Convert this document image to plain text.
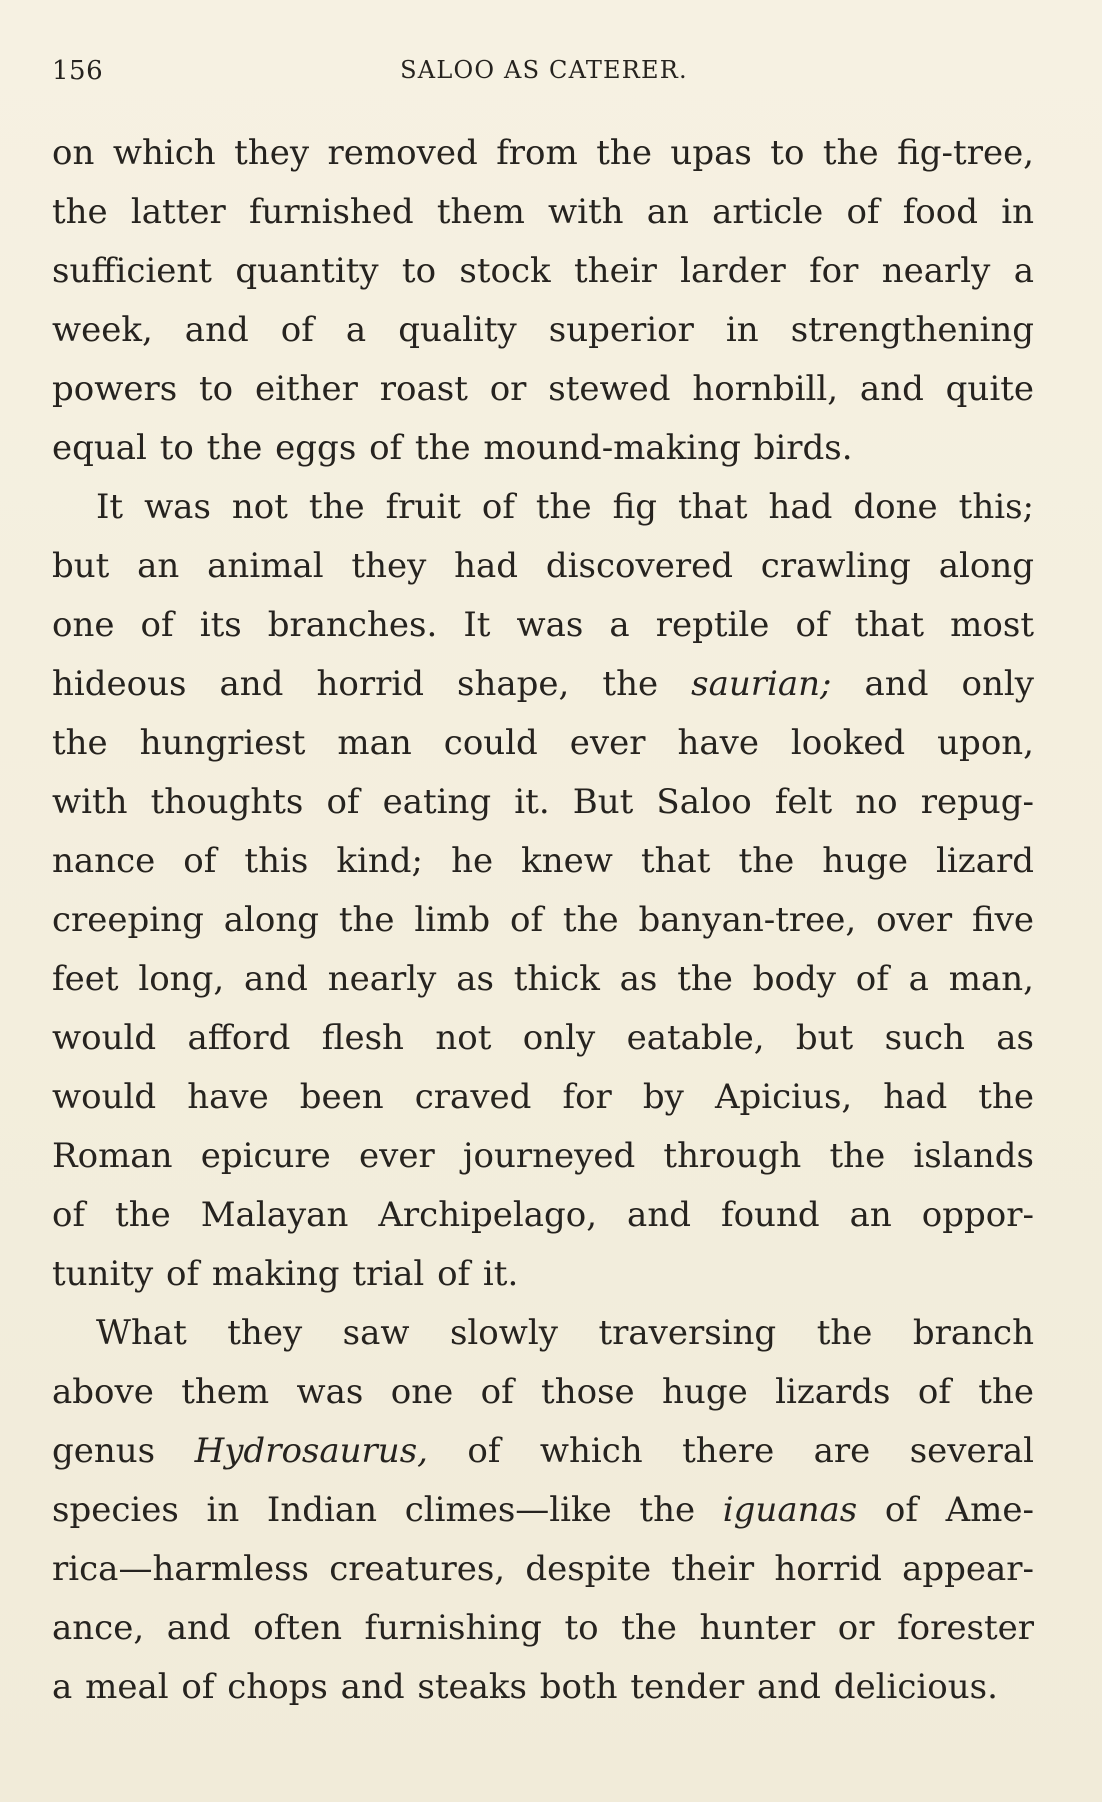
156	SALOO AS CATERER.
on which they removed from the upas to the fig-tree,
the latter furnished them with an article of food in
sufficient quantity to stock their larder for nearly a
week, and of a quality superior in strengthening
powers to either roast or stewed hornbill, and quite
equal to the eggs of the mound-making birds.
It was not the fruit of the fig that had done this;
but an animal they had discovered crawling along
one of its branches. It was a reptile of that most
hideous and horrid shape, the saurian; and only
the hungriest man could ever have looked upon,
with thoughts of eating it. But Saloo felt no repug-
nance of this kind; he knew that the huge lizard
creeping along the limb of the banyan-tree, over five
feet long, and nearly as thick as the body of a man,
would afford flesh not only eatable, but such as
would have been craved for by Apicius, had the
Roman epicure ever journeyed through the islands
of the Malayan Archipelago, and found an oppor-
tunity of making trial of it.
What they saw slowly traversing the branch
above them was one of those huge lizards of the
genus Hydrosaurus, of which there are several
species in Indian climes—like the iguanas of Ame-
rica—harmless creatures, despite their horrid appear-
ance, and often furnishing to the hunter or forester
a meal of chops and steaks both tender and delicious.
